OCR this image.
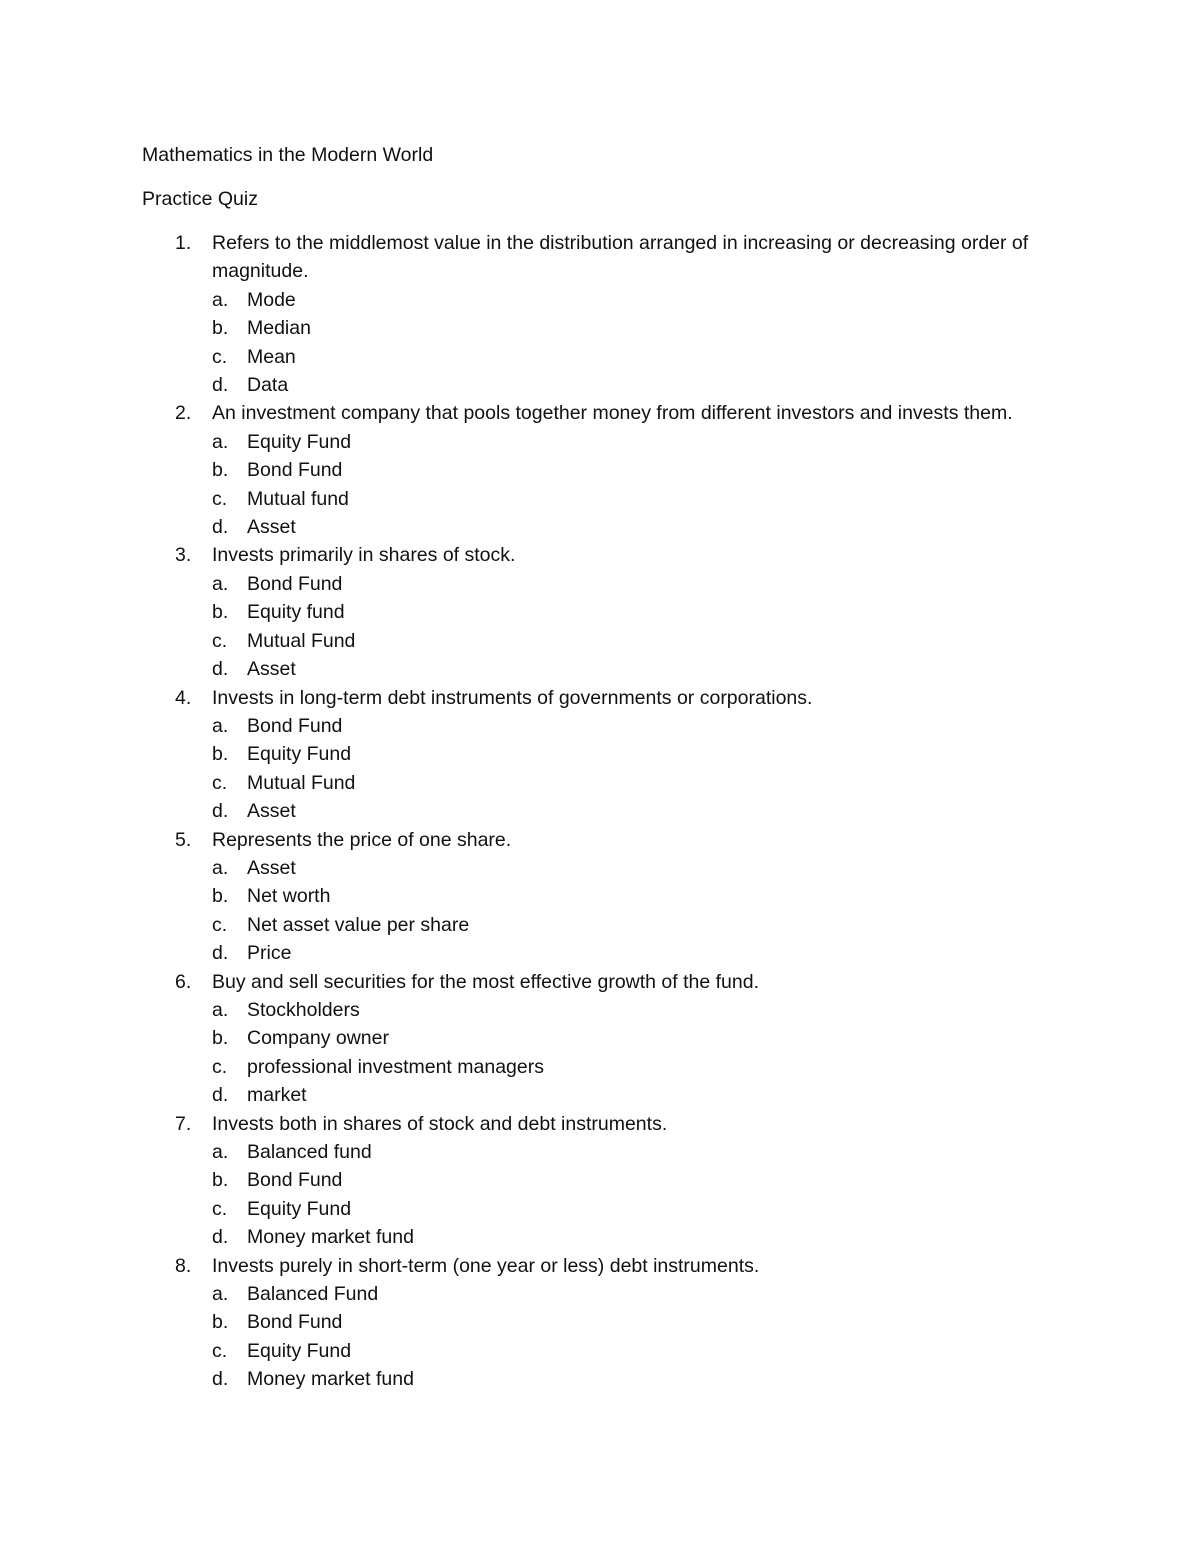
Mathematics in the Modern World

Practice Quiz

1. Refers to the middlemost value in the distribution arranged in increasing or decreasing order of magnitude.
a. Mode
b. Median
c. Mean
d. Data
2. An investment company that pools together money from different investors and invests them.
a. Equity Fund
b. Bond Fund
c. Mutual fund
d. Asset
3. Invests primarily in shares of stock.
a. Bond Fund
b. Equity fund
c. Mutual Fund
d. Asset
4. Invests in long-term debt instruments of governments or corporations.
a. Bond Fund
b. Equity Fund
c. Mutual Fund
d. Asset
5. Represents the price of one share.
a. Asset
b. Net worth
c. Net asset value per share
d. Price
6. Buy and sell securities for the most effective growth of the fund.
a. Stockholders
b. Company owner
c. professional investment managers
d. market
7. Invests both in shares of stock and debt instruments.
a. Balanced fund
b. Bond Fund
c. Equity Fund
d. Money market fund
8. Invests purely in short-term (one year or less) debt instruments.
a. Balanced Fund
b. Bond Fund
c. Equity Fund
d. Money market fund
